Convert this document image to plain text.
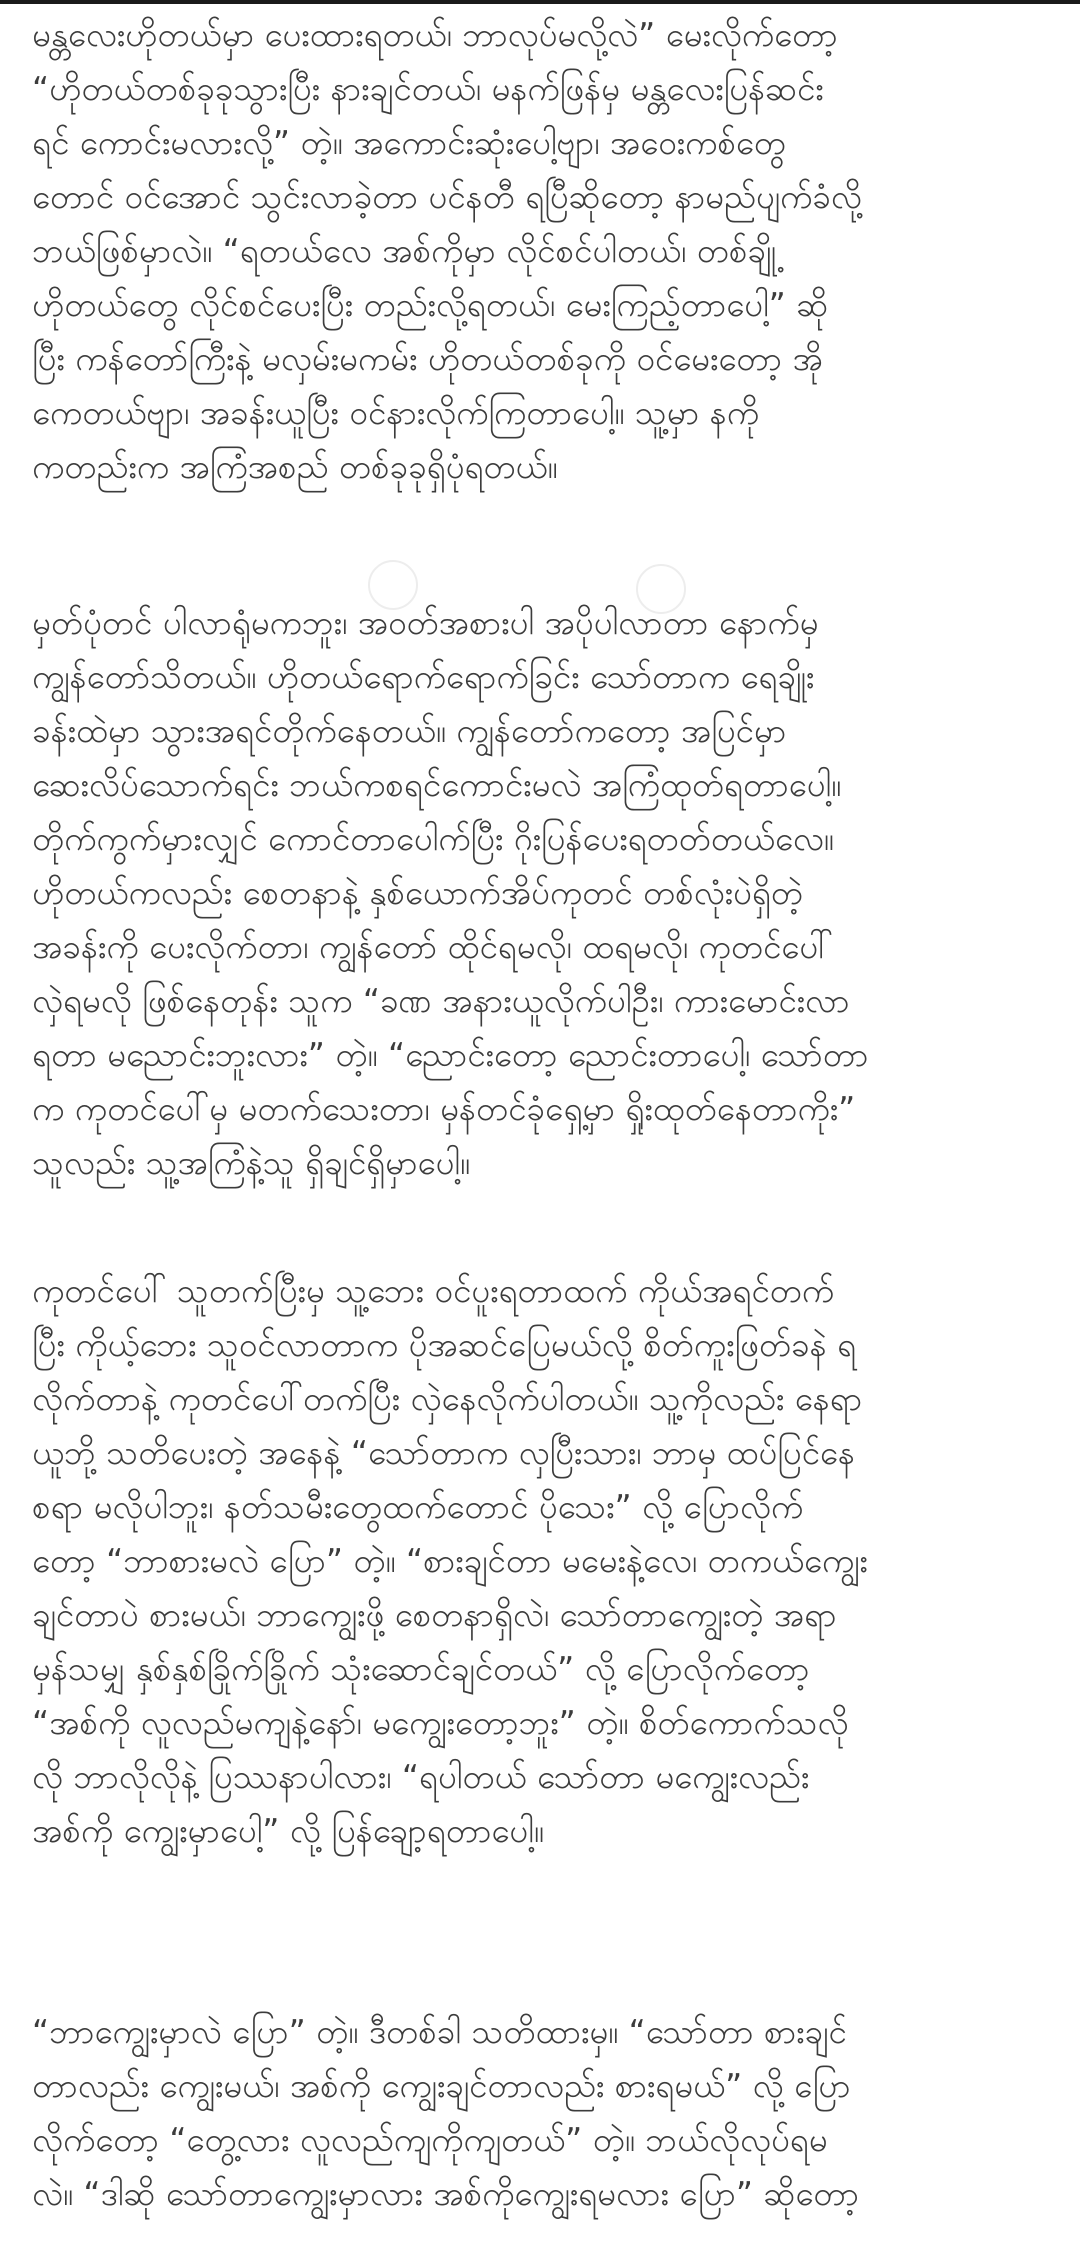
မန္တလေးဟိုတယ်မှာ ပေးထားရတယ်၊ ဘာလုပ်မလို့လဲ” မေးလိုက်တော့
“ဟိုတယ်တစ်ခုခုသွားပြီး နားချင်တယ်၊ မနက်ဖြန်မှ မန္တလေးပြန်ဆင်း
ရင် ကောင်းမလားလို့” တဲ့။ အကောင်းဆုံးပေါ့ဗျာ၊ အဝေးကစ်တွေ
တောင် ဝင်အောင် သွင်းလာခဲ့တာ ပင်နတီ ရပြီဆိုတော့ နာမည်ပျက်ခံလို့
ဘယ်ဖြစ်မှာလဲ။ “ရတယ်လေ အစ်ကိုမှာ လိုင်စင်ပါတယ်၊ တစ်ချို့
ဟိုတယ်တွေ လိုင်စင်ပေးပြီး တည်းလို့ရတယ်၊ မေးကြည့်တာပေါ့” ဆို
ပြီး ကန်တော်ကြီးနဲ့ မလှမ်းမကမ်း ဟိုတယ်တစ်ခုကို ဝင်မေးတော့ အို
ကေတယ်ဗျာ၊ အခန်းယူပြီး ဝင်နားလိုက်ကြတာပေါ့။ သူ့မှာ နကို
ကတည်းက အကြံအစည် တစ်ခုခုရှိပုံရတယ်။

မှတ်ပုံတင် ပါလာရုံမကဘူး၊ အဝတ်အစားပါ အပိုပါလာတာ နောက်မှ
ကျွန်တော်သိတယ်။ ဟိုတယ်ရောက်ရောက်ခြင်း သော်တာက ရေချိုး
ခန်းထဲမှာ သွားအရင်တိုက်နေတယ်။ ကျွန်တော်ကတော့ အပြင်မှာ
ဆေးလိပ်သောက်ရင်း ဘယ်ကစရင်ကောင်းမလဲ အကြံထုတ်ရတာပေါ့။
တိုက်ကွက်မှားလျှင် ကောင်တာပေါက်ပြီး ဂိုးပြန်ပေးရတတ်တယ်လေ။
ဟိုတယ်ကလည်း စေတနာနဲ့ နှစ်ယောက်အိပ်ကုတင် တစ်လုံးပဲရှိတဲ့
အခန်းကို ပေးလိုက်တာ၊ ကျွန်တော် ထိုင်ရမလို၊ ထရမလို၊ ကုတင်ပေါ်
လှဲရမလို ဖြစ်နေတုန်း သူက “ခဏ အနားယူလိုက်ပါဦး၊ ကားမောင်းလာ
ရတာ မညောင်းဘူးလား” တဲ့။ “ညောင်းတော့ ညောင်းတာပေါ့၊ သော်တာ
က ကုတင်ပေါ်မှ မတက်သေးတာ၊ မှန်တင်ခုံရှေ့မှာ ရှိုးထုတ်နေတာကိုး”
သူလည်း သူ့အကြံနဲ့သူ ရှိချင်ရှိမှာပေါ့။

ကုတင်ပေါ် သူတက်ပြီးမှ သူ့ဘေး ဝင်ပူးရတာထက် ကိုယ်အရင်တက်
ပြီး ကိုယ့်ဘေး သူဝင်လာတာက ပိုအဆင်ပြေမယ်လို့ စိတ်ကူးဖြတ်ခနဲ ရ
လိုက်တာနဲ့ ကုတင်ပေါ်တက်ပြီး လှဲနေလိုက်ပါတယ်။ သူ့ကိုလည်း နေရာ
ယူဘို့ သတိပေးတဲ့ အနေနဲ့ “သော်တာက လှပြီးသား၊ ဘာမှ ထပ်ပြင်နေ
စရာ မလိုပါဘူး၊ နတ်သမီးတွေထက်တောင် ပိုသေး” လို့ ပြောလိုက်
တော့ “ဘာစားမလဲ ပြော” တဲ့။ “စားချင်တာ မမေးနဲ့လေ၊ တကယ်ကျွေး
ချင်တာပဲ စားမယ်၊ ဘာကျွေးဖို့ စေတနာရှိလဲ၊ သော်တာကျွေးတဲ့ အရာ
မှန်သမျှ နှစ်နှစ်ခြိုက်ခြိုက် သုံးဆောင်ချင်တယ်” လို့ ပြောလိုက်တော့
“အစ်ကို လူလည်မကျနဲ့နော်၊ မကျွေးတော့ဘူး” တဲ့။ စိတ်ကောက်သလို
လို ဘာလိုလိုနဲ့ ပြဿနာပါလား၊ “ရပါတယ် သော်တာ မကျွေးလည်း
အစ်ကို ကျွေးမှာပေါ့” လို့ ပြန်ချော့ရတာပေါ့။

“ဘာကျွေးမှာလဲ ပြော” တဲ့။ ဒီတစ်ခါ သတိထားမှ။ “သော်တာ စားချင်
တာလည်း ကျွေးမယ်၊ အစ်ကို ကျွေးချင်တာလည်း စားရမယ်” လို့ ပြော
လိုက်တော့ “တွေ့လား လူလည်ကျကိုကျတယ်” တဲ့။ ဘယ်လိုလုပ်ရမ
လဲ။ “ဒါဆို သော်တာကျွေးမှာလား အစ်ကိုကျွေးရမလား ပြော” ဆိုတော့
